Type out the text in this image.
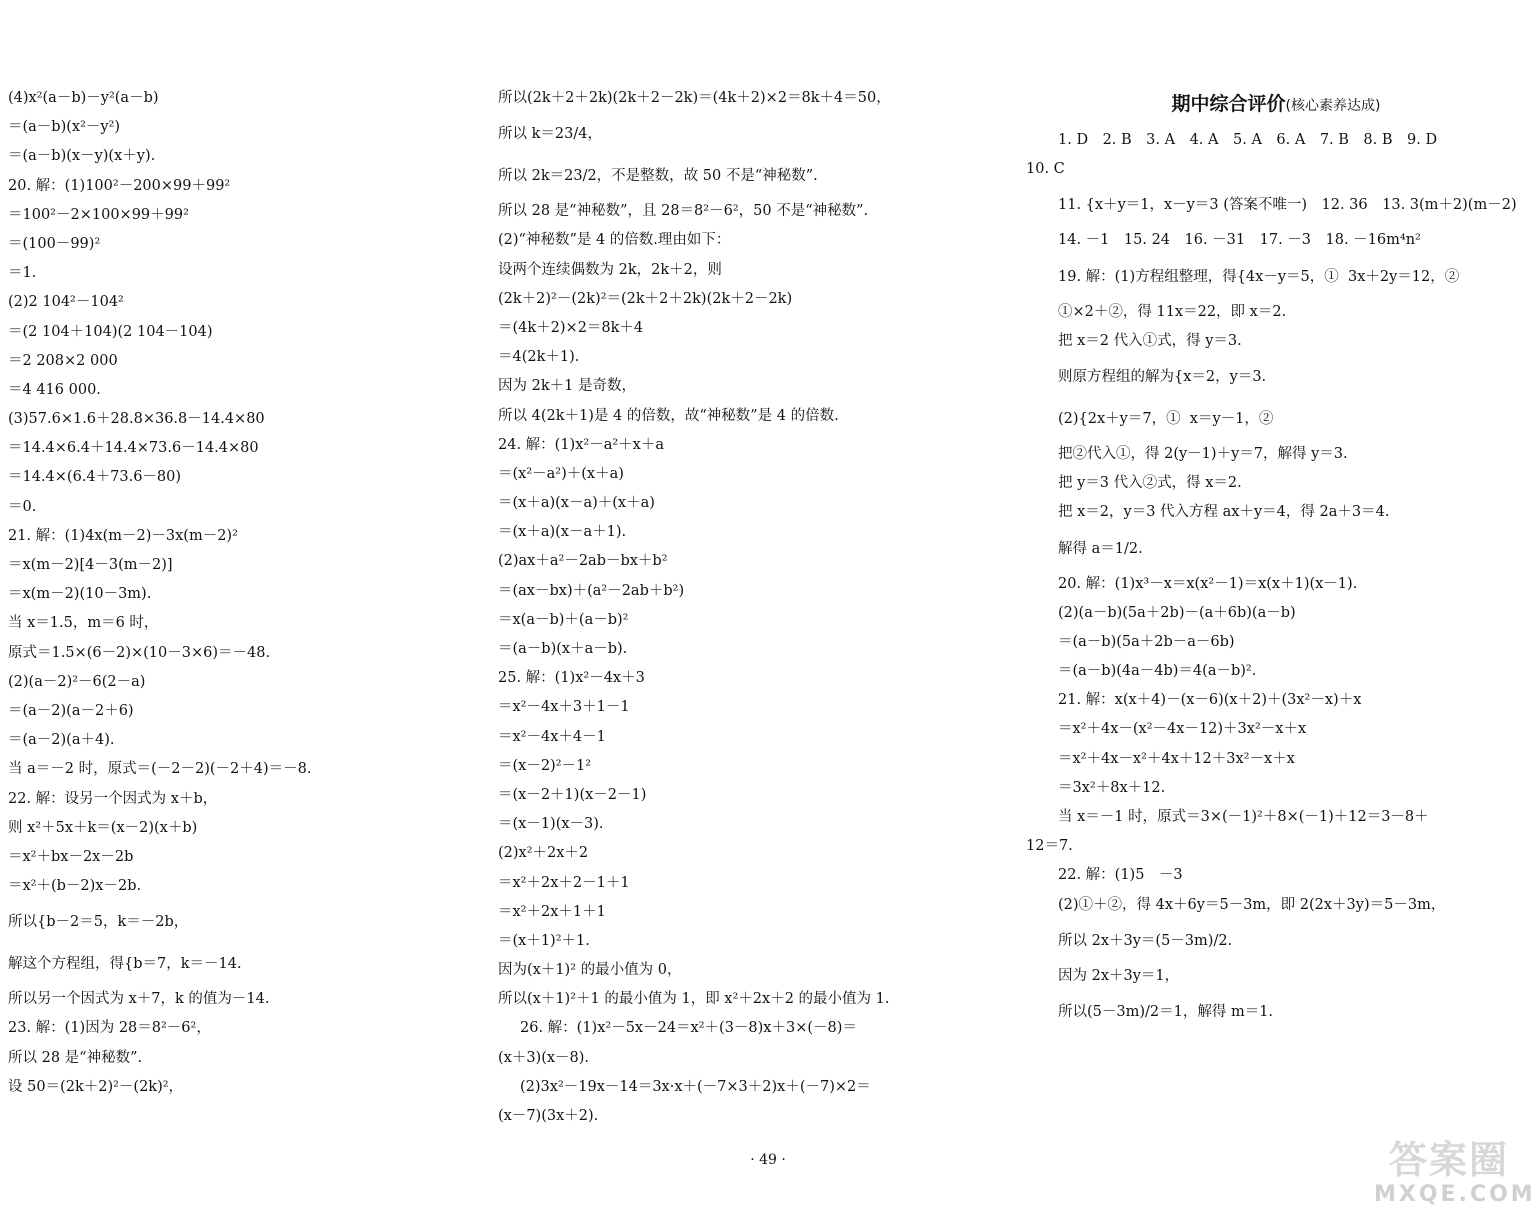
(4)x²(a－b)－y²(a－b)
＝(a－b)(x²－y²)
＝(a－b)(x－y)(x＋y).
20. 解：(1)100²－200×99＋99²
＝100²－2×100×99＋99²
＝(100－99)²
＝1.
(2)2 104²－104²
＝(2 104＋104)(2 104－104)
＝2 208×2 000
＝4 416 000.
(3)57.6×1.6＋28.8×36.8－14.4×80
＝14.4×6.4＋14.4×73.6－14.4×80
＝14.4×(6.4＋73.6－80)
＝0.
21. 解：(1)4x(m－2)－3x(m－2)²
＝x(m－2)[4－3(m－2)]
＝x(m－2)(10－3m).
当 x＝1.5，m＝6 时，
原式＝1.5×(6－2)×(10－3×6)＝－48.
(2)(a－2)²－6(2－a)
＝(a－2)(a－2＋6)
＝(a－2)(a＋4).
当 a＝－2 时，原式＝(－2－2)(－2＋4)＝－8.
22. 解：设另一个因式为 x＋b，
则 x²＋5x＋k＝(x－2)(x＋b)
＝x²＋bx－2x－2b
＝x²＋(b－2)x－2b.
所以{b－2＝5，k＝－2b，
解这个方程组，得{b＝7，k＝－14.
所以另一个因式为 x＋7，k 的值为－14.
23. 解：(1)因为 28＝8²－6²，
所以 28 是“神秘数”.
设 50＝(2k＋2)²－(2k)²，
所以(2k＋2＋2k)(2k＋2－2k)＝(4k＋2)×2＝8k＋4＝50，
所以 k＝23/4，
所以 2k＝23/2，不是整数，故 50 不是“神秘数”.
所以 28 是“神秘数”，且 28＝8²－6²，50 不是“神秘数”.
(2)“神秘数”是 4 的倍数.理由如下：
设两个连续偶数为 2k，2k＋2，则
(2k＋2)²－(2k)²＝(2k＋2＋2k)(2k＋2－2k)
＝(4k＋2)×2＝8k＋4
＝4(2k＋1).
因为 2k＋1 是奇数，
所以 4(2k＋1)是 4 的倍数，故“神秘数”是 4 的倍数.
24. 解：(1)x²－a²＋x＋a
＝(x²－a²)＋(x＋a)
＝(x＋a)(x－a)＋(x＋a)
＝(x＋a)(x－a＋1).
(2)ax＋a²－2ab－bx＋b²
＝(ax－bx)＋(a²－2ab＋b²)
＝x(a－b)＋(a－b)²
＝(a－b)(x＋a－b).
25. 解：(1)x²－4x＋3
＝x²－4x＋3＋1－1
＝x²－4x＋4－1
＝(x－2)²－1²
＝(x－2＋1)(x－2－1)
＝(x－1)(x－3).
(2)x²＋2x＋2
＝x²＋2x＋2－1＋1
＝x²＋2x＋1＋1
＝(x＋1)²＋1.
因为(x＋1)² 的最小值为 0，
所以(x＋1)²＋1 的最小值为 1，即 x²＋2x＋2 的最小值为 1.
26. 解：(1)x²－5x－24＝x²＋(3－8)x＋3×(－8)＝
(x＋3)(x－8).
(2)3x²－19x－14＝3x·x＋(－7×3＋2)x＋(－7)×2＝
(x－7)(3x＋2).
期中综合评价(核心素养达成)
1. D　2. B　3. A　4. A　5. A　6. A　7. B　8. B　9. D
10. C
11. {x＋y＝1，x－y＝3 (答案不唯一)　12. 36　13. 3(m＋2)(m－2)
14. －1　15. 24　16. －31　17. －3　18. －16m⁴n²
19. 解：(1)方程组整理，得{4x－y＝5，①  3x＋2y＝12，②
①×2＋②，得 11x＝22，即 x＝2.
把 x＝2 代入①式，得 y＝3.
则原方程组的解为{x＝2，y＝3.
(2){2x＋y＝7，①  x＝y－1，②
把②代入①，得 2(y－1)＋y＝7，解得 y＝3.
把 y＝3 代入②式，得 x＝2.
把 x＝2，y＝3 代入方程 ax＋y＝4，得 2a＋3＝4.
解得 a＝1/2.
20. 解：(1)x³－x＝x(x²－1)＝x(x＋1)(x－1).
(2)(a－b)(5a＋2b)－(a＋6b)(a－b)
＝(a－b)(5a＋2b－a－6b)
＝(a－b)(4a－4b)＝4(a－b)².
21. 解：x(x＋4)－(x－6)(x＋2)＋(3x²－x)＋x
＝x²＋4x－(x²－4x－12)＋3x²－x＋x
＝x²＋4x－x²＋4x＋12＋3x²－x＋x
＝3x²＋8x＋12.
当 x＝－1 时，原式＝3×(－1)²＋8×(－1)＋12＝3－8＋
12＝7.
22. 解：(1)5　－3
(2)①＋②，得 4x＋6y＝5－3m，即 2(2x＋3y)＝5－3m，
所以 2x＋3y＝(5－3m)/2.
因为 2x＋3y＝1，
所以(5－3m)/2＝1，解得 m＝1.
· 49 ·	答案圈
MXQE.COM
